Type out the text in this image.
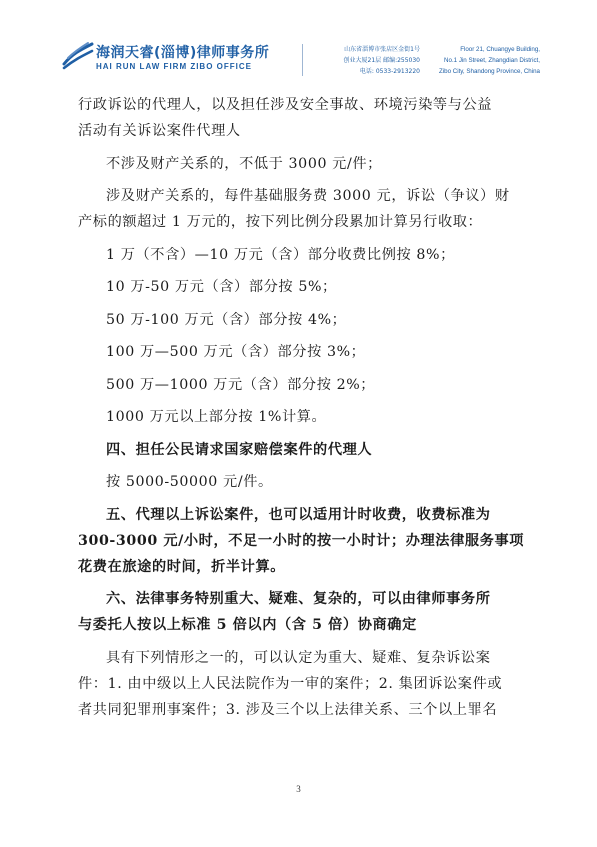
海润天睿(淄博)律师事务所
HAI RUN LAW FIRM ZIBO OFFICE
山东省淄博市张店区金街1号
创业大厦21层 邮编:255030
电话: 0533-2913220
Floor 21, Chuangye Building,
No.1 Jin Street, Zhangdian District,
Zibo City, Shandong Province, China
行政诉讼的代理人，以及担任涉及安全事故、环境污染等与公益
活动有关诉讼案件代理人
不涉及财产关系的，不低于 3000 元/件；
涉及财产关系的，每件基础服务费 3000 元，诉讼（争议）财
产标的额超过 1 万元的，按下列比例分段累加计算另行收取：
1 万（不含）—10 万元（含）部分收费比例按 8%；
10 万-50 万元（含）部分按 5%；
50 万-100 万元（含）部分按 4%；
100 万—500 万元（含）部分按 3%；
500 万—1000 万元（含）部分按 2%；
1000 万元以上部分按 1%计算。
四、担任公民请求国家赔偿案件的代理人
按 5000-50000 元/件。
五、代理以上诉讼案件，也可以适用计时收费，收费标准为
300-3000 元/小时，不足一小时的按一小时计；办理法律服务事项
花费在旅途的时间，折半计算。
六、法律事务特别重大、疑难、复杂的，可以由律师事务所
与委托人按以上标准 5 倍以内（含 5 倍）协商确定
具有下列情形之一的，可以认定为重大、疑难、复杂诉讼案
件：1. 由中级以上人民法院作为一审的案件；2. 集团诉讼案件或
者共同犯罪刑事案件；3. 涉及三个以上法律关系、三个以上罪名
3
